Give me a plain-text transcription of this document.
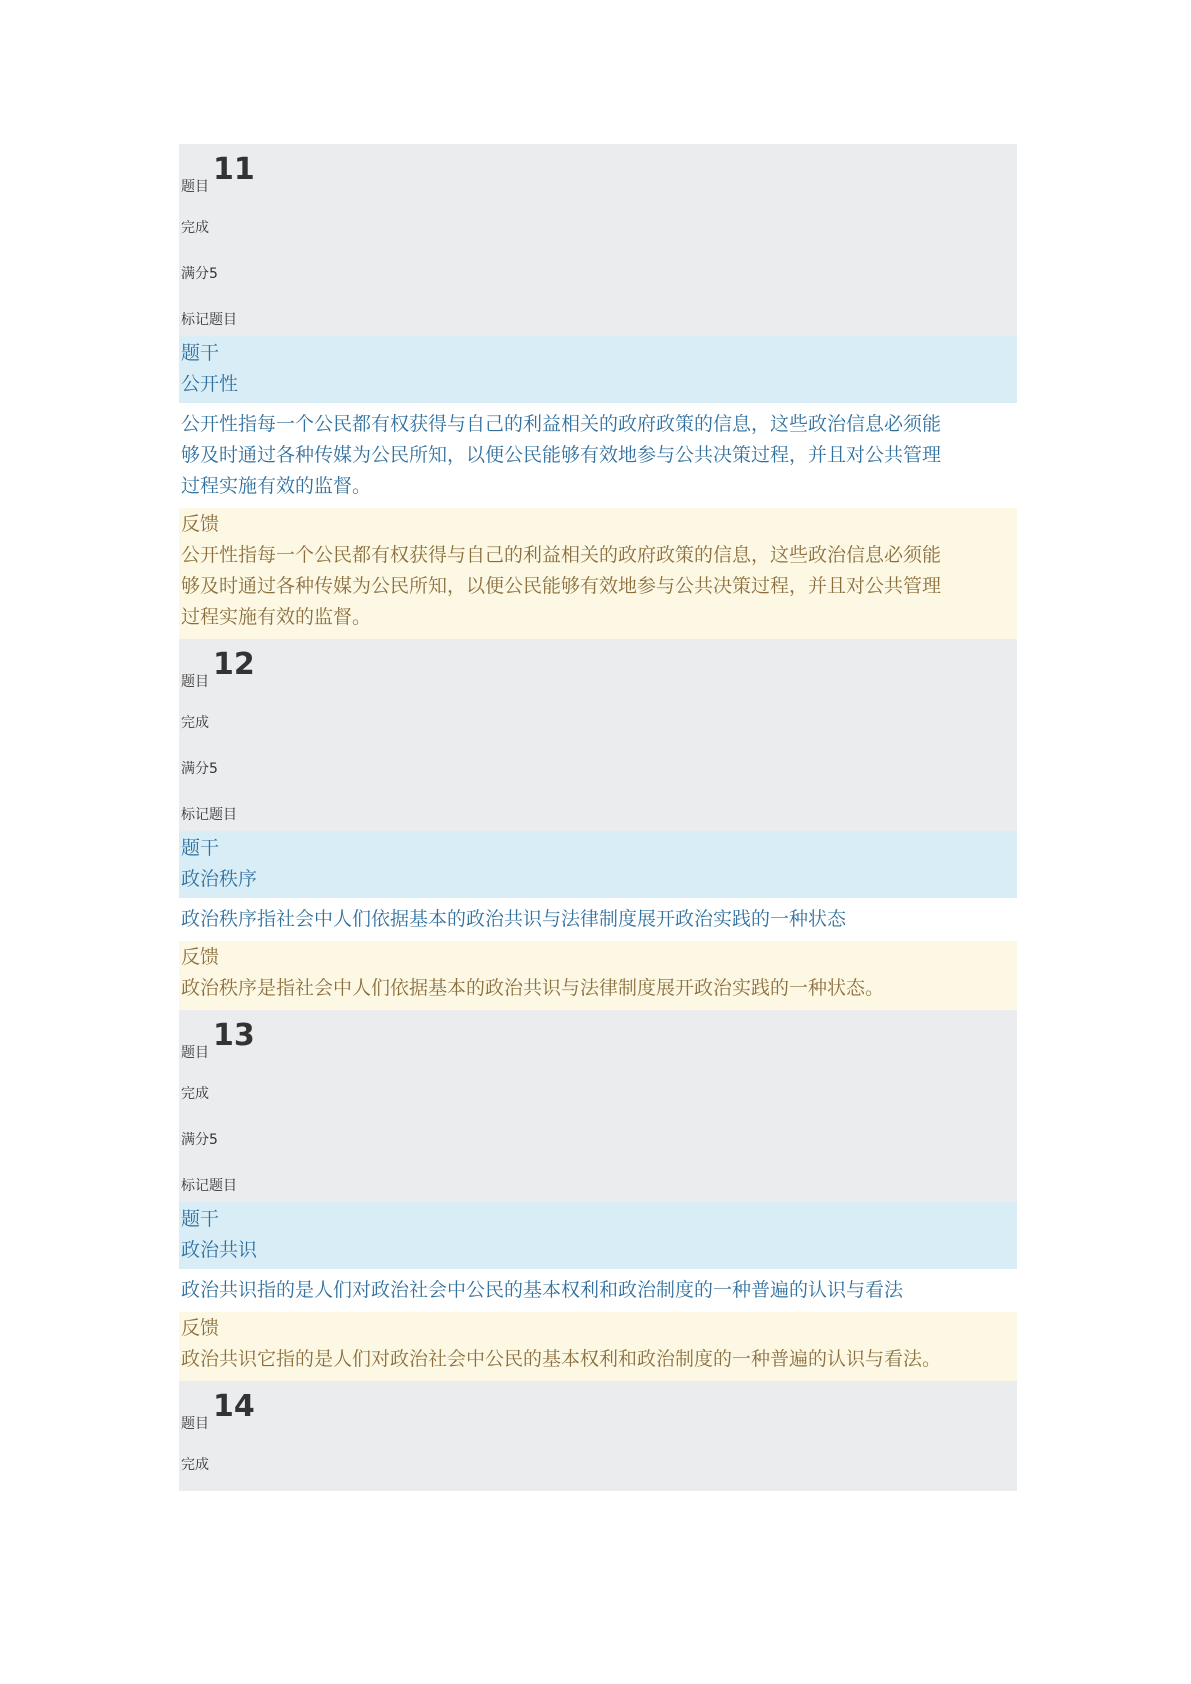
题目 11
完成
满分5
标记题目
题干
公开性
公开性指每一个公民都有权获得与自己的利益相关的政府政策的信息，这些政治信息必须能
够及时通过各种传媒为公民所知，以便公民能够有效地参与公共决策过程，并且对公共管理
过程实施有效的监督。
反馈
公开性指每一个公民都有权获得与自己的利益相关的政府政策的信息，这些政治信息必须能
够及时通过各种传媒为公民所知，以便公民能够有效地参与公共决策过程，并且对公共管理
过程实施有效的监督。
题目 12
完成
满分5
标记题目
题干
政治秩序
政治秩序指社会中人们依据基本的政治共识与法律制度展开政治实践的一种状态
反馈
政治秩序是指社会中人们依据基本的政治共识与法律制度展开政治实践的一种状态。
题目 13
完成
满分5
标记题目
题干
政治共识
政治共识指的是人们对政治社会中公民的基本权利和政治制度的一种普遍的认识与看法
反馈
政治共识它指的是人们对政治社会中公民的基本权利和政治制度的一种普遍的认识与看法。
题目 14
完成
